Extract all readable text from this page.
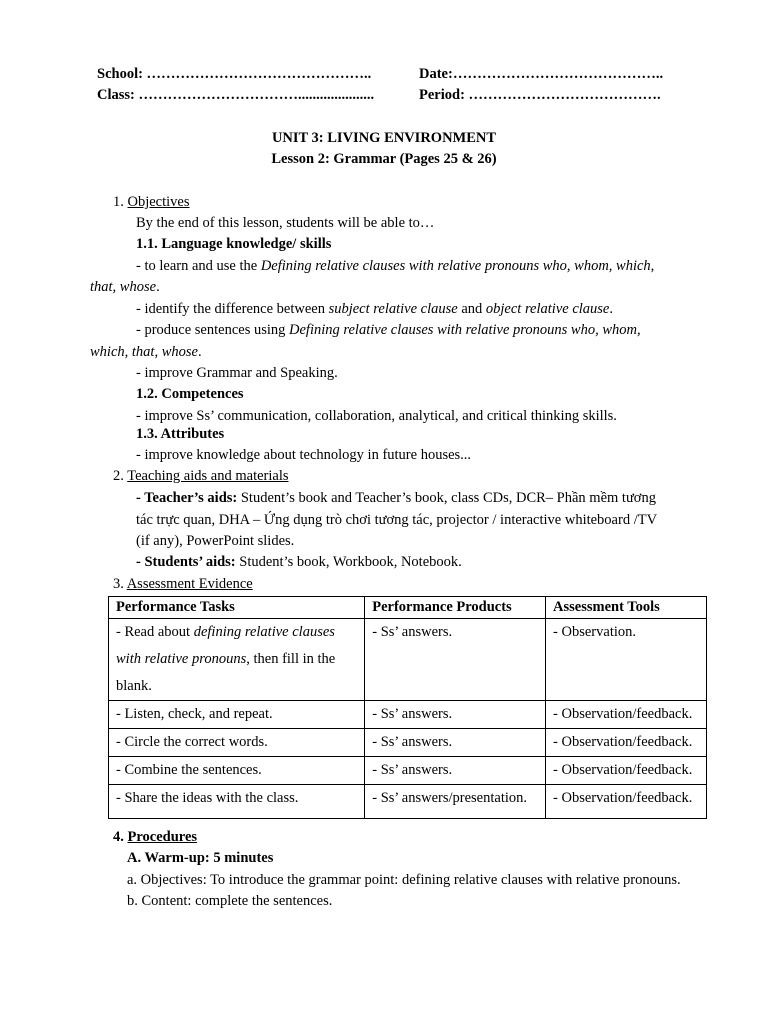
School: ………………………………………..	Date:……………………………………..
Class: …………………………….....................	Period: ………………………………….
UNIT 3: LIVING ENVIRONMENT
Lesson 2: Grammar (Pages 25 & 26)
1. Objectives
By the end of this lesson, students will be able to…
1.1. Language knowledge/ skills
- to learn and use the Defining relative clauses with relative pronouns who, whom, which,
that, whose.
- identify the difference between subject relative clause and object relative clause.
- produce sentences using Defining relative clauses with relative pronouns who, whom,
which, that, whose.
- improve Grammar and Speaking.
1.2. Competences
- improve Ss’ communication, collaboration, analytical, and critical thinking skills.
1.3. Attributes
- improve knowledge about technology in future houses...
2. Teaching aids and materials
- Teacher’s aids: Student’s book and Teacher’s book, class CDs, DCR– Phần mềm tương
tác trực quan, DHA – Ứng dụng trò chơi tương tác, projector / interactive whiteboard /TV
(if any), PowerPoint slides.
- Students’ aids: Student’s book, Workbook, Notebook.
3. Assessment Evidence
Performance Tasks	Performance Products	Assessment Tools
- Read about defining relative clauses
with relative pronouns, then fill in the
blank.	- Ss’ answers.	- Observation.
- Listen, check, and repeat.	- Ss’ answers.	- Observation/feedback.
- Circle the correct words.	- Ss’ answers.	- Observation/feedback.
- Combine the sentences.	- Ss’ answers.	- Observation/feedback.
- Share the ideas with the class.	- Ss’ answers/presentation.	- Observation/feedback.
4. Procedures
A. Warm-up: 5 minutes
a. Objectives: To introduce the grammar point: defining relative clauses with relative pronouns.
b. Content: complete the sentences.
